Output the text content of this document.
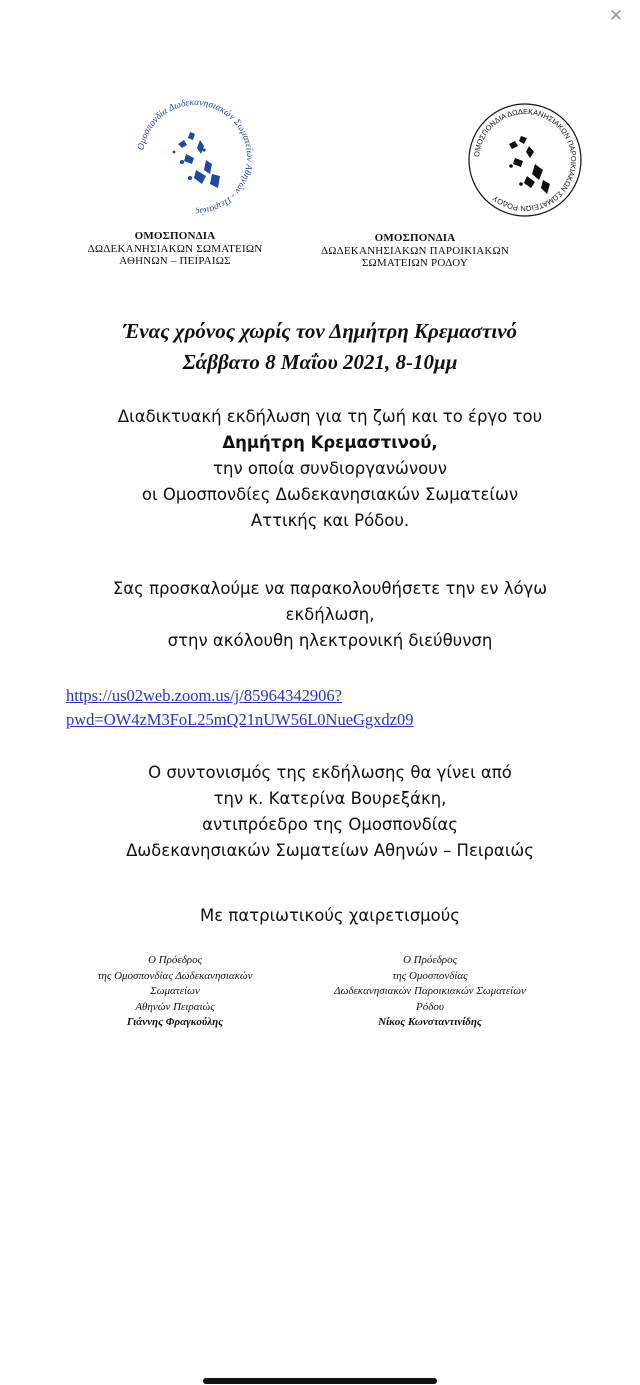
✕
Ομοσπονδία Δωδεκανησιακών Σωματείων Αθηνών - Πειραιώς
ΟΜΟΣΠΟΝΔΙΑ ΔΩΔΕΚΑΝΗΣΙΑΚΩΝ ΠΑΡΟΙΚΙΑΚΩΝ ΣΩΜΑΤΕΙΩΝ ΡΟΔΟΥ
ΟΜΟΣΠΟΝΔΙΑ
ΔΩΔΕΚΑΝΗΣΙΑΚΩΝ ΣΩΜΑΤΕΙΩΝ
ΑΘΗΝΩΝ – ΠΕΙΡΑΙΩΣ
ΟΜΟΣΠΟΝΔΙΑ
ΔΩΔΕΚΑΝΗΣΙΑΚΩΝ ΠΑΡΟΙΚΙΑΚΩΝ
ΣΩΜΑΤΕΙΩΝ ΡΟΔΟΥ
Ένας χρόνος χωρίς τον Δημήτρη Κρεμαστινό
Σάββατο 8 Μαΐου 2021, 8-10μμ
Διαδικτυακή εκδήλωση για τη ζωή και το έργο του
Δημήτρη Κρεμαστινού,
την οποία συνδιοργανώνουν
οι Ομοσπονδίες Δωδεκανησιακών Σωματείων
Αττικής και Ρόδου.
Σας προσκαλούμε να παρακολουθήσετε την εν λόγω
εκδήλωση,
στην ακόλουθη ηλεκτρονική διεύθυνση
https://us02web.zoom.us/j/85964342906?
pwd=OW4zM3FoL25mQ21nUW56L0NueGgxdz09
Ο συντονισμός της εκδήλωσης θα γίνει από
την κ. Κατερίνα Βουρεξάκη,
αντιπρόεδρο της Ομοσπονδίας
Δωδεκανησιακών Σωματείων Αθηνών – Πειραιώς
Με πατριωτικούς χαιρετισμούς
Ο Πρόεδρος
της Ομοσπονδίας Δωδεκανησιακών
Σωματείων
Αθηνών Πειραιώς
Γιάννης Φραγκούλης
Ο Πρόεδρος
της Ομοσπονδίας
Δωδεκανησιακών Παροικιακών Σωματείων
Ρόδου
Νίκος Κωνσταντινίδης
